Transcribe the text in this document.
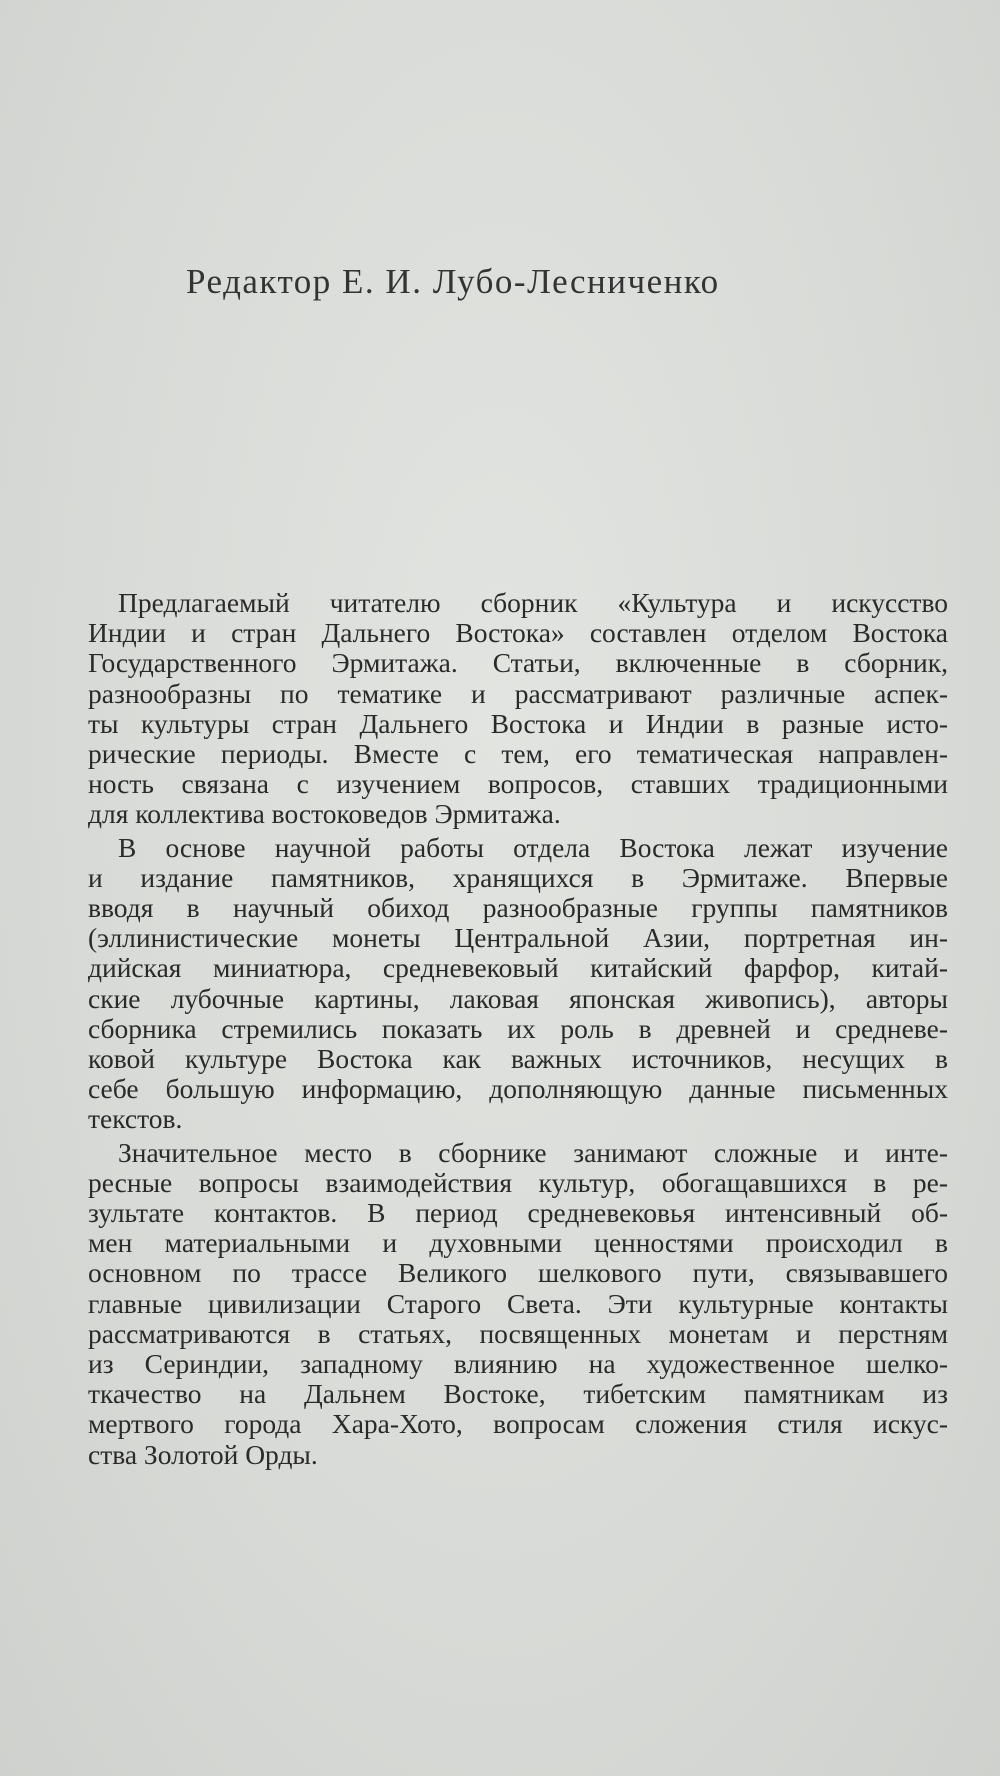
Редактор Е. И. Лубо-Лесниченко

Предлагаемый читателю сборник «Культура и искусство
Индии и стран Дальнего Востока» составлен отделом Востока
Государственного Эрмитажа. Статьи, включенные в сборник,
разнообразны по тематике и рассматривают различные аспек-
ты культуры стран Дальнего Востока и Индии в разные исто-
рические периоды. Вместе с тем, его тематическая направлен-
ность связана с изучением вопросов, ставших традиционными
для коллектива востоковедов Эрмитажа.

В основе научной работы отдела Востока лежат изучение
и издание памятников, хранящихся в Эрмитаже. Впервые
вводя в научный обиход разнообразные группы памятников
(эллинистические монеты Центральной Азии, портретная ин-
дийская миниатюра, средневековый китайский фарфор, китай-
ские лубочные картины, лаковая японская живопись), авторы
сборника стремились показать их роль в древней и средневе-
ковой культуре Востока как важных источников, несущих в
себе большую информацию, дополняющую данные письменных
текстов.

Значительное место в сборнике занимают сложные и инте-
ресные вопросы взаимодействия культур, обогащавшихся в ре-
зультате контактов. В период средневековья интенсивный об-
мен материальными и духовными ценностями происходил в
основном по трассе Великого шелкового пути, связывавшего
главные цивилизации Старого Света. Эти культурные контакты
рассматриваются в статьях, посвященных монетам и перстням
из Сериндии, западному влиянию на художественное шелко-
ткачество на Дальнем Востоке, тибетским памятникам из
мертвого города Хара-Хото, вопросам сложения стиля искус-
ства Золотой Орды.
